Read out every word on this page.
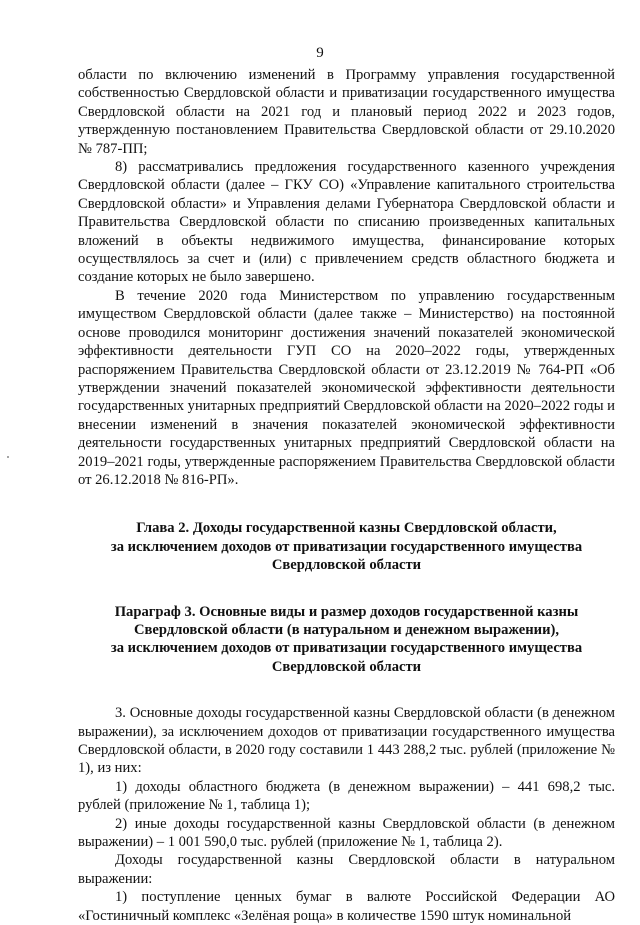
9

области по включению изменений в Программу управления государственной собственностью Свердловской области и приватизации государственного имущества Свердловской области на 2021 год и плановый период 2022 и 2023 годов, утвержденную постановлением Правительства Свердловской области от 29.10.2020 № 787-ПП;

8) рассматривались предложения государственного казенного учреждения Свердловской области (далее – ГКУ СО) «Управление капитального строительства Свердловской области» и Управления делами Губернатора Свердловской области и Правительства Свердловской области по списанию произведенных капитальных вложений в объекты недвижимого имущества, финансирование которых осуществлялось за счет и (или) с привлечением средств областного бюджета и создание которых не было завершено.

В течение 2020 года Министерством по управлению государственным имуществом Свердловской области (далее также – Министерство) на постоянной основе проводился мониторинг достижения значений показателей экономической эффективности деятельности ГУП СО на 2020–2022 годы, утвержденных распоряжением Правительства Свердловской области от 23.12.2019 № 764-РП «Об утверждении значений показателей экономической эффективности деятельности государственных унитарных предприятий Свердловской области на 2020–2022 годы и внесении изменений в значения показателей экономической эффективности деятельности государственных унитарных предприятий Свердловской области на 2019–2021 годы, утвержденные распоряжением Правительства Свердловской области от 26.12.2018 № 816-РП».

Глава 2. Доходы государственной казны Свердловской области,
за исключением доходов от приватизации государственного имущества
Свердловской области
Параграф 3. Основные виды и размер доходов государственной казны
Свердловской области (в натуральном и денежном выражении),
за исключением доходов от приватизации государственного имущества
Свердловской области

3. Основные доходы государственной казны Свердловской области (в денежном выражении), за исключением доходов от приватизации государственного имущества Свердловской области, в 2020 году составили 1 443 288,2 тыс. рублей (приложение № 1), из них:

1) доходы областного бюджета (в денежном выражении) – 441 698,2 тыс. рублей (приложение № 1, таблица 1);

2) иные доходы государственной казны Свердловской области (в денежном выражении) – 1 001 590,0 тыс. рублей (приложение № 1, таблица 2).

Доходы государственной казны Свердловской области в натуральном выражении:

1) поступление ценных бумаг в валюте Российской Федерации АО «Гостиничный комплекс «Зелёная роща» в количестве 1590 штук номинальной
